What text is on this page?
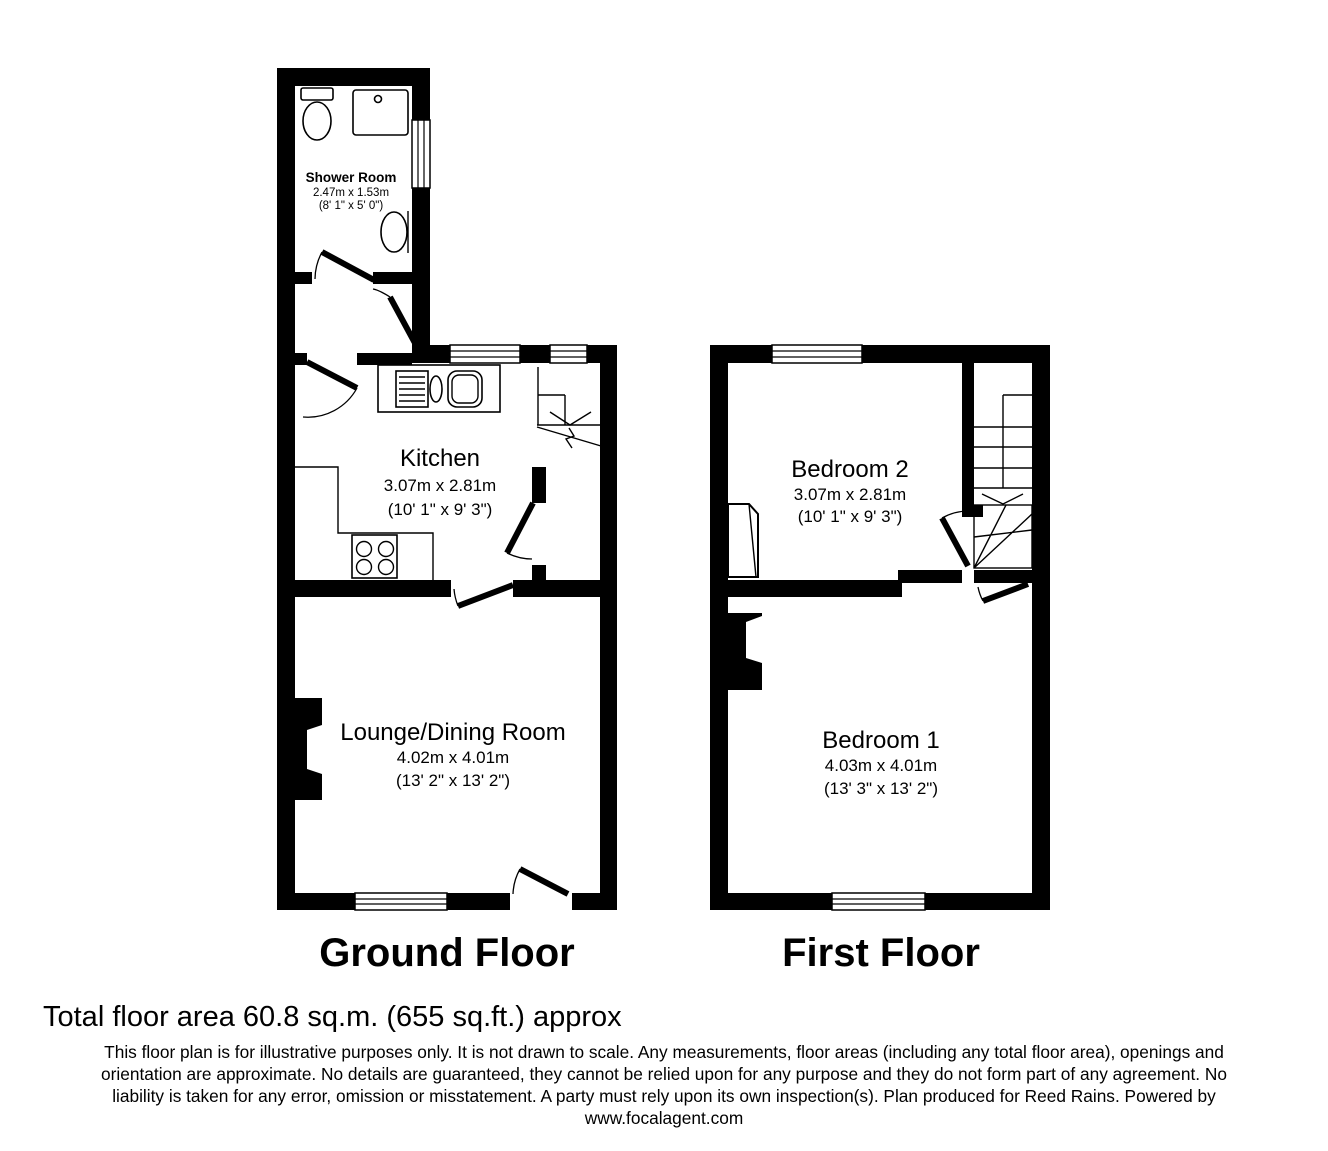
Shower Room
2.47m x 1.53m
(8' 1" x 5' 0")
Kitchen
3.07m x 2.81m
(10' 1" x 9' 3")
Lounge/Dining Room
4.02m x 4.01m
(13' 2" x 13' 2")
Bedroom 2
3.07m x 2.81m
(10' 1" x 9' 3")
Bedroom 1
4.03m x 4.01m
(13' 3" x 13' 2")
Ground Floor	First Floor
Total floor area 60.8 sq.m. (655 sq.ft.) approx
This floor plan is for illustrative purposes only. It is not drawn to scale. Any measurements, floor areas (including any total floor area), openings and
orientation are approximate. No details are guaranteed, they cannot be relied upon for any purpose and they do not form part of any agreement. No
liability is taken for any error, omission or misstatement. A party must rely upon its own inspection(s). Plan produced for Reed Rains. Powered by
www.focalagent.com
